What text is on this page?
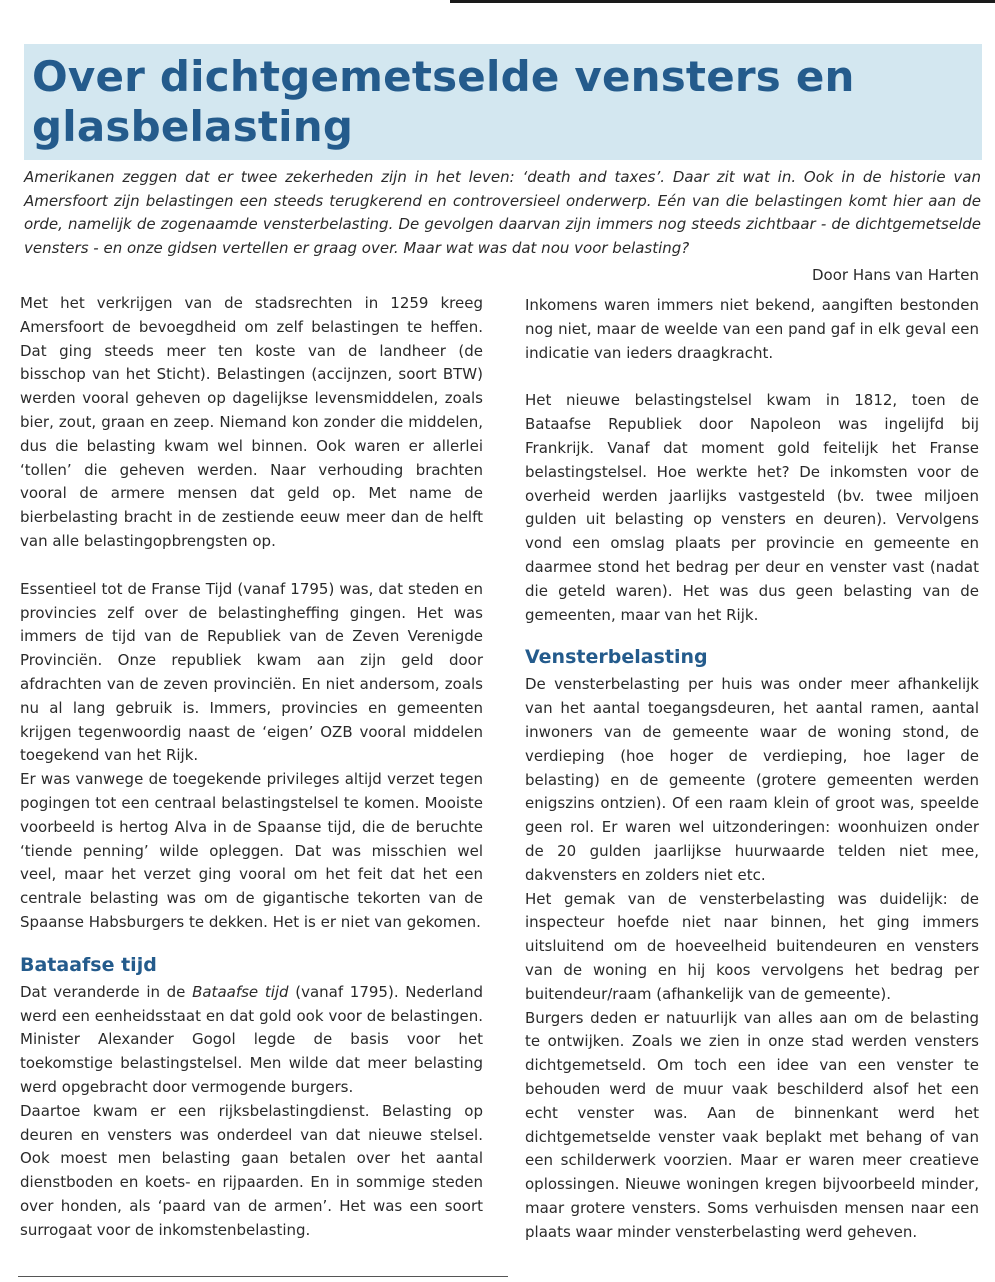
Over dichtgemetselde vensters en glasbelasting

Amerikanen zeggen dat er twee zekerheden zijn in het leven: ‘death and taxes’. Daar zit wat in. Ook in de historie van Amersfoort zijn belastingen een steeds terugkerend en controversieel onderwerp. Eén van die belastingen komt hier aan de orde, namelijk de zogenaamde vensterbelasting. De gevolgen daarvan zijn immers nog steeds zichtbaar - de dichtgemetselde vensters - en onze gidsen vertellen er graag over. Maar wat was dat nou voor belasting?

Door Hans van Harten

Met het verkrijgen van de stadsrechten in 1259 kreeg Amersfoort de bevoegdheid om zelf belastingen te heffen. Dat ging steeds meer ten koste van de landheer (de bisschop van het Sticht). Belastingen (accijnzen, soort BTW) werden vooral geheven op dagelijkse levensmiddelen, zoals bier, zout, graan en zeep. Niemand kon zonder die middelen, dus die belasting kwam wel binnen. Ook waren er allerlei ‘tollen’ die geheven werden. Naar verhouding brachten vooral de armere mensen dat geld op. Met name de bierbelasting bracht in de zestiende eeuw meer dan de helft van alle belastingopbrengsten op.

Essentieel tot de Franse Tijd (vanaf 1795) was, dat steden en provincies zelf over de belastingheffing gingen. Het was immers de tijd van de Republiek van de Zeven Verenigde Provinciën. Onze republiek kwam aan zijn geld door afdrachten van de zeven provinciën. En niet andersom, zoals nu al lang gebruik is. Immers, provincies en gemeenten krijgen tegenwoordig naast de ‘eigen’ OZB vooral middelen toegekend van het Rijk.

Er was vanwege de toegekende privileges altijd verzet tegen pogingen tot een centraal belastingstelsel te komen. Mooiste voorbeeld is hertog Alva in de Spaanse tijd, die de beruchte ‘tiende penning’ wilde opleggen. Dat was misschien wel veel, maar het verzet ging vooral om het feit dat het een centrale belasting was om de gigantische tekorten van de Spaanse Habsburgers te dekken. Het is er niet van gekomen.

Bataafse tijd

Dat veranderde in de Bataafse tijd (vanaf 1795). Nederland werd een eenheidsstaat en dat gold ook voor de belastingen. Minister Alexander Gogol legde de basis voor het toekomstige belastingstelsel. Men wilde dat meer belasting werd opgebracht door vermogende burgers.

Daartoe kwam er een rijksbelastingdienst. Belasting op deuren en vensters was onderdeel van dat nieuwe stelsel. Ook moest men belasting gaan betalen over het aantal dienstboden en koets- en rijpaarden. En in sommige steden over honden, als ‘paard van de armen’. Het was een soort surrogaat voor de inkomstenbelasting.

Inkomens waren immers niet bekend, aangiften bestonden nog niet, maar de weelde van een pand gaf in elk geval een indicatie van ieders draagkracht.

Het nieuwe belastingstelsel kwam in 1812, toen de Bataafse Republiek door Napoleon was ingelijfd bij Frankrijk. Vanaf dat moment gold feitelijk het Franse belastingstelsel. Hoe werkte het? De inkomsten voor de overheid werden jaarlijks vastgesteld (bv. twee miljoen gulden uit belasting op vensters en deuren). Vervolgens vond een omslag plaats per provincie en gemeente en daarmee stond het bedrag per deur en venster vast (nadat die geteld waren). Het was dus geen belasting van de gemeenten, maar van het Rijk.

Vensterbelasting

De vensterbelasting per huis was onder meer afhankelijk van het aantal toegangsdeuren, het aantal ramen, aantal inwoners van de gemeente waar de woning stond, de verdieping (hoe hoger de verdieping, hoe lager de belasting) en de gemeente (grotere gemeenten werden enigszins ontzien). Of een raam klein of groot was, speelde geen rol. Er waren wel uitzonderingen: woonhuizen onder de 20 gulden jaarlijkse huurwaarde telden niet mee, dakvensters en zolders niet etc.

Het gemak van de vensterbelasting was duidelijk: de inspecteur hoefde niet naar binnen, het ging immers uitsluitend om de hoeveelheid buitendeuren en vensters van de woning en hij koos vervolgens het bedrag per buitendeur/raam (afhankelijk van de gemeente).

Burgers deden er natuurlijk van alles aan om de belasting te ontwijken. Zoals we zien in onze stad werden vensters dichtgemetseld. Om toch een idee van een venster te behouden werd de muur vaak beschilderd alsof het een echt venster was. Aan de binnenkant werd het dichtgemetselde venster vaak beplakt met behang of van een schilderwerk voorzien. Maar er waren meer creatieve oplossingen. Nieuwe woningen kregen bijvoorbeeld minder, maar grotere vensters. Soms verhuisden mensen naar een plaats waar minder vensterbelasting werd geheven.
